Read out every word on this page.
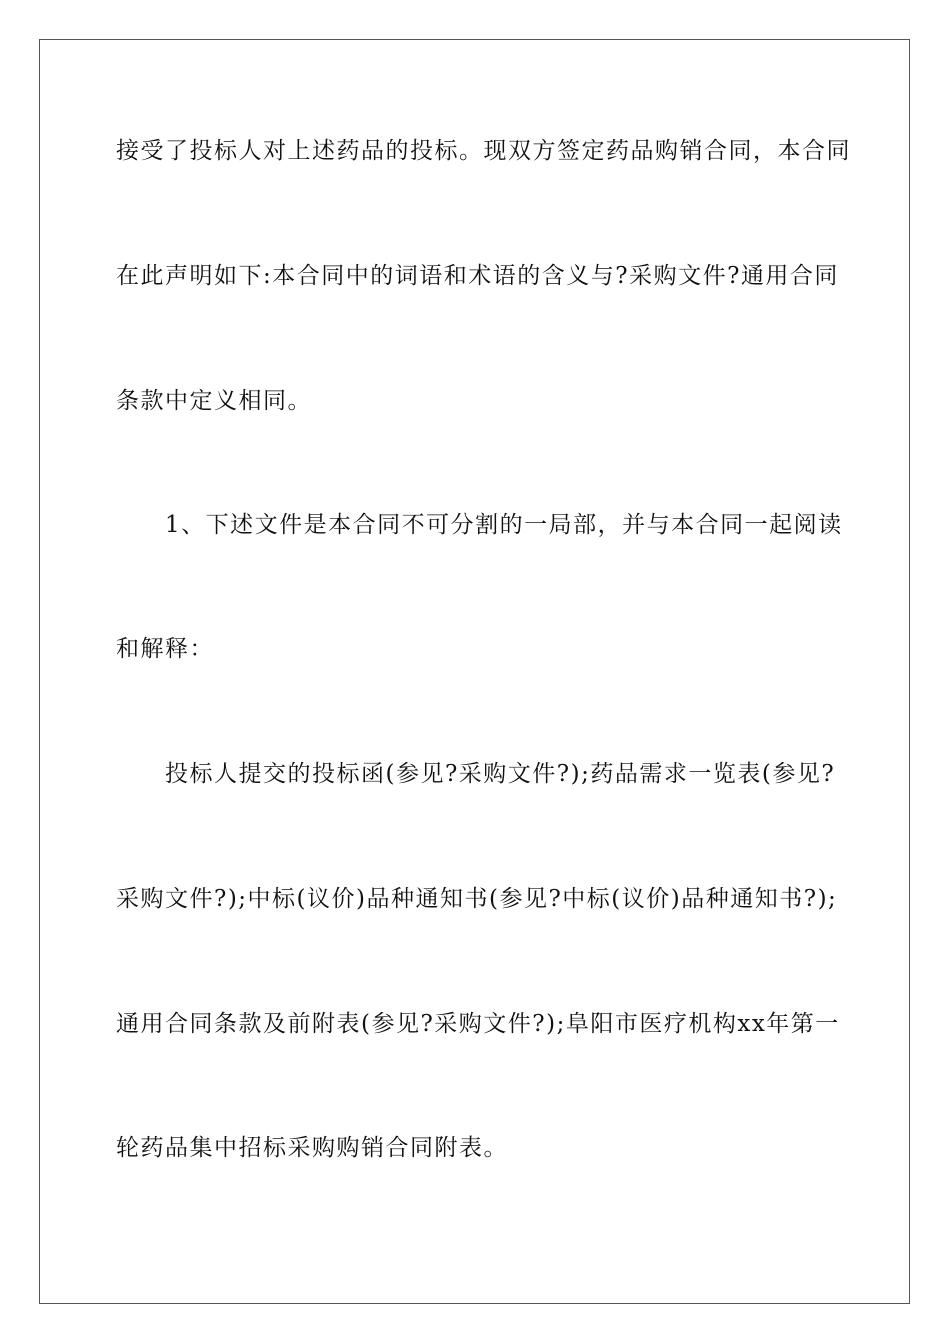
接受了投标人对上述药品的投标。现双方签定药品购销合同，本合同
在此声明如下:本合同中的词语和术语的含义与?采购文件?通用合同
条款中定义相同。
1、下述文件是本合同不可分割的一局部，并与本合同一起阅读
和解释：
投标人提交的投标函(参见?采购文件?);药品需求一览表(参见?
采购文件?);中标(议价)品种通知书(参见?中标(议价)品种通知书?);
通用合同条款及前附表(参见?采购文件?);阜阳市医疗机构xx年第一
轮药品集中招标采购购销合同附表。
